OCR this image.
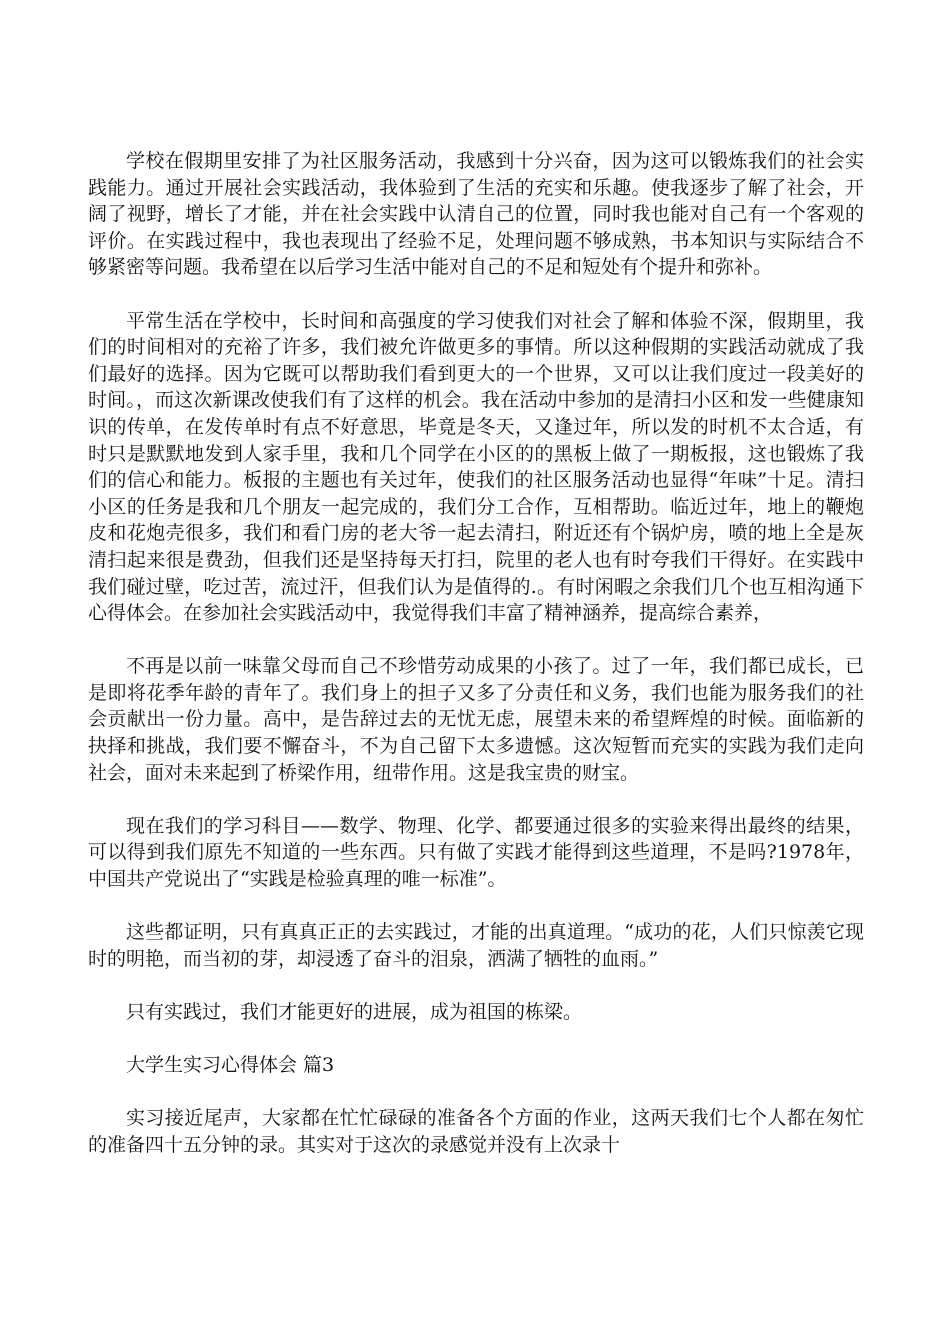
学校在假期里安排了为社区服务活动，我感到十分兴奋，因为这可以锻炼我们的社会实践能力。通过开展社会实践活动，我体验到了生活的充实和乐趣。使我逐步了解了社会，开阔了视野，增长了才能，并在社会实践中认清自己的位置，同时我也能对自己有一个客观的评价。在实践过程中，我也表现出了经验不足，处理问题不够成熟，书本知识与实际结合不够紧密等问题。我希望在以后学习生活中能对自己的不足和短处有个提升和弥补。

平常生活在学校中，长时间和高强度的学习使我们对社会了解和体验不深，假期里，我们的时间相对的充裕了许多，我们被允许做更多的事情。所以这种假期的实践活动就成了我们最好的选择。因为它既可以帮助我们看到更大的一个世界，又可以让我们度过一段美好的时间。，而这次新课改使我们有了这样的机会。我在活动中参加的是清扫小区和发一些健康知识的传单，在发传单时有点不好意思，毕竟是冬天，又逢过年，所以发的时机不太合适，有时只是默默地发到人家手里，我和几个同学在小区的的黑板上做了一期板报，这也锻炼了我们的信心和能力。板报的主题也有关过年，使我们的社区服务活动也显得“年味”十足。清扫小区的任务是我和几个朋友一起完成的，我们分工合作，互相帮助。临近过年，地上的鞭炮皮和花炮壳很多，我们和看门房的老大爷一起去清扫，附近还有个锅炉房，喷的地上全是灰清扫起来很是费劲，但我们还是坚持每天打扫，院里的老人也有时夸我们干得好。在实践中我们碰过壁，吃过苦，流过汗，但我们认为是值得的.。有时闲暇之余我们几个也互相沟通下心得体会。在参加社会实践活动中，我觉得我们丰富了精神涵养，提高综合素养，

不再是以前一味靠父母而自己不珍惜劳动成果的小孩了。过了一年，我们都已成长，已是即将花季年龄的青年了。我们身上的担子又多了分责任和义务，我们也能为服务我们的社会贡献出一份力量。高中，是告辞过去的无忧无虑，展望未来的希望辉煌的时候。面临新的抉择和挑战，我们要不懈奋斗，不为自己留下太多遗憾。这次短暂而充实的实践为我们走向社会，面对未来起到了桥梁作用，纽带作用。这是我宝贵的财宝。

现在我们的学习科目——数学、物理、化学、都要通过很多的实验来得出最终的结果，可以得到我们原先不知道的一些东西。只有做了实践才能得到这些道理，不是吗?1978年，中国共产党说出了“实践是检验真理的唯一标准”。

这些都证明，只有真真正正的去实践过，才能的出真道理。“成功的花，人们只惊羡它现时的明艳，而当初的芽，却浸透了奋斗的泪泉，洒满了牺牲的血雨。”

只有实践过，我们才能更好的进展，成为祖国的栋梁。

大学生实习心得体会 篇3

实习接近尾声，大家都在忙忙碌碌的准备各个方面的作业，这两天我们七个人都在匆忙的准备四十五分钟的录。其实对于这次的录感觉并没有上次录十
